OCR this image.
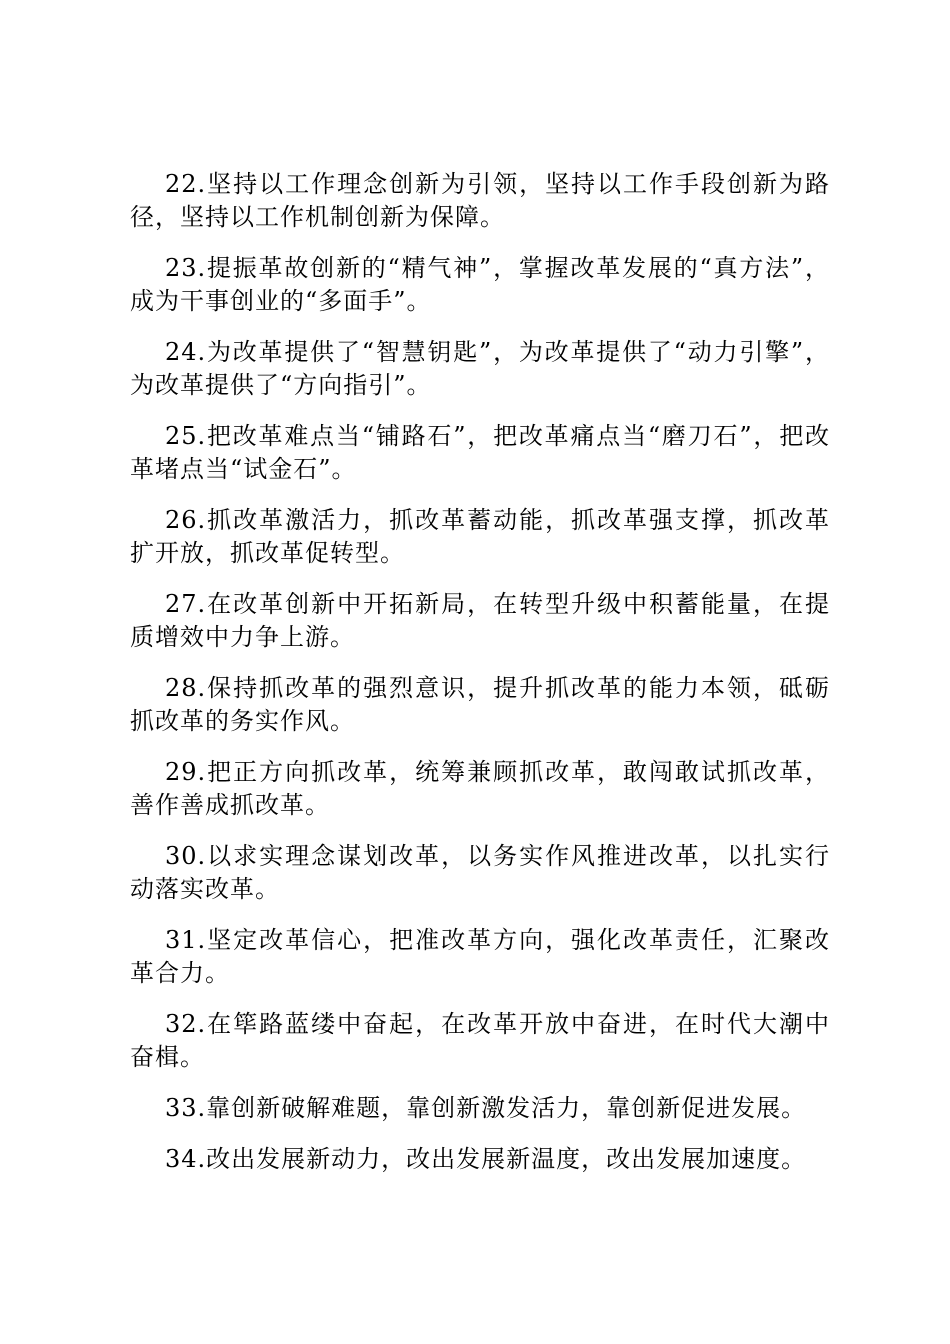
22.坚持以工作理念创新为引领，坚持以工作手段创新为路径，坚持以工作机制创新为保障。

23.提振革故创新的“精气神”，掌握改革发展的“真方法”，成为干事创业的“多面手”。

24.为改革提供了“智慧钥匙”，为改革提供了“动力引擎”，为改革提供了“方向指引”。

25.把改革难点当“铺路石”，把改革痛点当“磨刀石”，把改革堵点当“试金石”。

26.抓改革激活力，抓改革蓄动能，抓改革强支撑，抓改革扩开放，抓改革促转型。

27.在改革创新中开拓新局，在转型升级中积蓄能量，在提质增效中力争上游。

28.保持抓改革的强烈意识，提升抓改革的能力本领，砥砺抓改革的务实作风。

29.把正方向抓改革，统筹兼顾抓改革，敢闯敢试抓改革，善作善成抓改革。

30.以求实理念谋划改革，以务实作风推进改革，以扎实行动落实改革。

31.坚定改革信心，把准改革方向，强化改革责任，汇聚改革合力。

32.在筚路蓝缕中奋起，在改革开放中奋进，在时代大潮中奋楫。

33.靠创新破解难题，靠创新激发活力，靠创新促进发展。

34.改出发展新动力，改出发展新温度，改出发展加速度。
